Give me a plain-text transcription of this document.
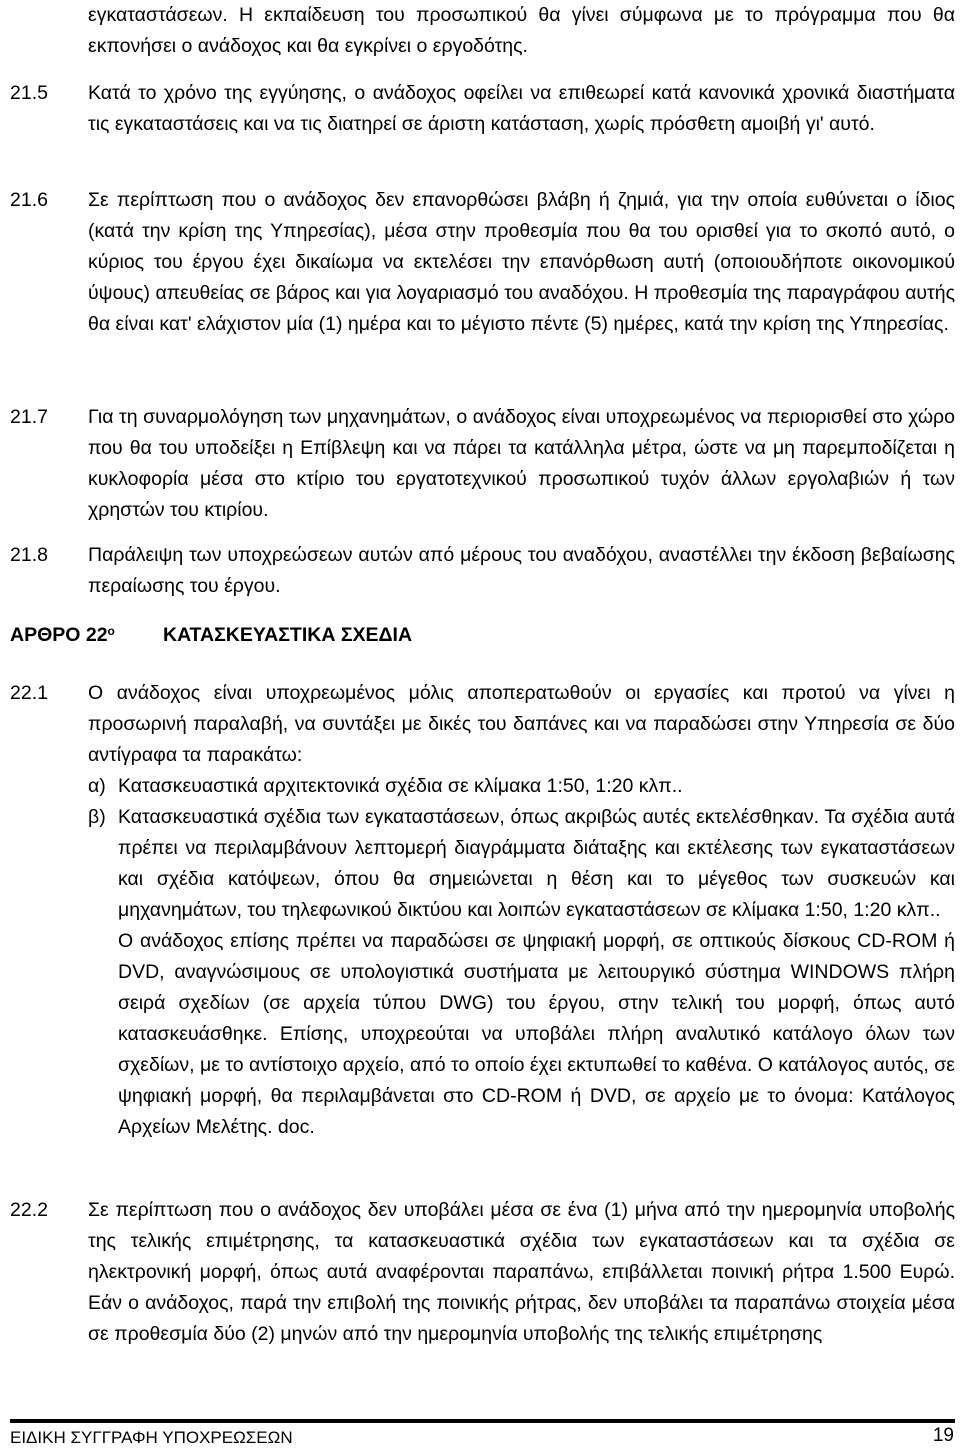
εγκαταστάσεων. Η εκπαίδευση του προσωπικού θα γίνει σύμφωνα με το πρόγραμμα που θα εκπονήσει ο ανάδοχος και θα εγκρίνει ο εργοδότης.

21.5	Κατά το χρόνο της εγγύησης, ο ανάδοχος οφείλει να επιθεωρεί κατά κανονικά χρονικά διαστήματα τις εγκαταστάσεις και να τις διατηρεί σε άριστη κατάσταση, χωρίς πρόσθετη αμοιβή γι' αυτό.

21.6	Σε περίπτωση που ο ανάδοχος δεν επανορθώσει βλάβη ή ζημιά, για την οποία ευθύνεται ο ίδιος (κατά την κρίση της Υπηρεσίας), μέσα στην προθεσμία που θα του ορισθεί για το σκοπό αυτό, ο κύριος του έργου έχει δικαίωμα να εκτελέσει την επανόρθωση αυτή (οποιουδήποτε οικονομικού ύψους) απευθείας σε βάρος και για λογαριασμό του αναδόχου. Η προθεσμία της παραγράφου αυτής θα είναι κατ' ελάχιστον μία (1) ημέρα και το μέγιστο πέντε (5) ημέρες, κατά την κρίση της Υπηρεσίας.

21.7	Για τη συναρμολόγηση των μηχανημάτων, ο ανάδοχος είναι υποχρεωμένος να περιορισθεί στο χώρο που θα του υποδείξει η Επίβλεψη και να πάρει τα κατάλληλα μέτρα, ώστε να μη παρεμποδίζεται η κυκλοφορία μέσα στο κτίριο του εργατοτεχνικού προσωπικού τυχόν άλλων εργολαβιών ή των χρηστών του κτιρίου.

21.8	Παράλειψη των υποχρεώσεων αυτών από μέρους του αναδόχου, αναστέλλει την έκδοση βεβαίωσης περαίωσης του έργου.

ΑΡΘΡΟ $22^o$ ΚΑΤΑΣΚΕΥΑΣΤΙΚΑ ΣΧΕΔΙΑ
22.1	Ο ανάδοχος είναι υποχρεωμένος μόλις αποπερατωθούν οι εργασίες και προτού να γίνει η προσωρινή παραλαβή, να συντάξει με δικές του δαπάνες και να παραδώσει στην Υπηρεσία σε δύο αντίγραφα τα παρακάτω:

α) Κατασκευαστικά αρχιτεκτονικά σχέδια σε κλίμακα 1:50, 1:20 κλπ..

β) Κατασκευαστικά σχέδια των εγκαταστάσεων, όπως ακριβώς αυτές εκτελέσθηκαν. Τα σχέδια αυτά πρέπει να περιλαμβάνουν λεπτομερή διαγράμματα διάταξης και εκτέλεσης των εγκαταστάσεων και σχέδια κατόψεων, όπου θα σημειώνεται η θέση και το μέγεθος των συσκευών και μηχανημάτων, του τηλεφωνικού δικτύου και λοιπών εγκαταστάσεων σε κλίμακα 1:50, 1:20 κλπ..

Ο ανάδοχος επίσης πρέπει να παραδώσει σε ψηφιακή μορφή, σε οπτικούς δίσκους CD-ROM ή DVD, αναγνώσιμους σε υπολογιστικά συστήματα με λειτουργικό σύστημα WINDOWS πλήρη σειρά σχεδίων (σε αρχεία τύπου DWG) του έργου, στην τελική του μορφή, όπως αυτό κατασκευάσθηκε. Επίσης, υποχρεούται να υποβάλει πλήρη αναλυτικό κατάλογο όλων των σχεδίων, με το αντίστοιχο αρχείο, από το οποίο έχει εκτυπωθεί το καθένα. Ο κατάλογος αυτός, σε ψηφιακή μορφή, θα περιλαμβάνεται στο CD-ROM ή DVD, σε αρχείο με το όνομα: Κατάλογος Αρχείων Μελέτης. doc.

22.2	Σε περίπτωση που ο ανάδοχος δεν υποβάλει μέσα σε ένα (1) μήνα από την ημερομηνία υποβολής της τελικής επιμέτρησης, τα κατασκευαστικά σχέδια των εγκαταστάσεων και τα σχέδια σε ηλεκτρονική μορφή, όπως αυτά αναφέρονται παραπάνω, επιβάλλεται ποινική ρήτρα 1.500 Ευρώ. Εάν ο ανάδοχος, παρά την επιβολή της ποινικής ρήτρας, δεν υποβάλει τα παραπάνω στοιχεία μέσα σε προθεσμία δύο (2) μηνών από την ημερομηνία υποβολής της τελικής επιμέτρησης

ΕΙΔΙΚΗ ΣΥΓΓΡΑΦΗ ΥΠΟΧΡΕΩΣΕΩΝ	19
